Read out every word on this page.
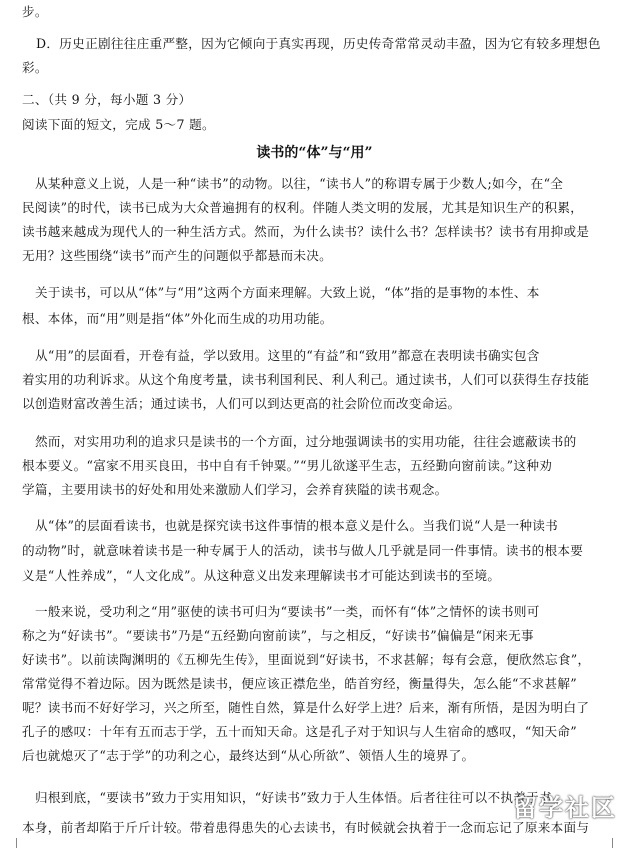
步。
D．历史正剧往往庄重严整，因为它倾向于真实再现，历史传奇常常灵动丰盈，因为它有较多理想色
彩。
二、（共 9 分，每小题 3 分）
阅读下面的短文，完成 5～7 题。
读书的“体”与“用”
从某种意义上说，人是一种“读书”的动物。以往，“读书人”的称谓专属于少数人;如今，在“全
民阅读”的时代，读书已成为大众普遍拥有的权利。伴随人类文明的发展，尤其是知识生产的积累，
读书越来越成为现代人的一种生活方式。然而，为什么读书？读什么书？怎样读书？读书有用抑或是
无用？这些围绕“读书”而产生的问题似乎都悬而未决。
关于读书，可以从“体”与“用”这两个方面来理解。大致上说，“体”指的是事物的本性、本
根、本体，而“用”则是指“体”外化而生成的功用功能。
从“用”的层面看，开卷有益，学以致用。这里的“有益”和“致用”都意在表明读书确实包含
着实用的功利诉求。从这个角度考量，读书利国利民、利人利己。通过读书，人们可以获得生存技能
以创造财富改善生活；通过读书，人们可以到达更高的社会阶位而改变命运。
然而，对实用功利的追求只是读书的一个方面，过分地强调读书的实用功能，往往会遮蔽读书的
根本要义。“富家不用买良田，书中自有千钟粟。”“男儿欲遂平生志，五经勤向窗前读。”这种劝
学篇，主要用读书的好处和用处来激励人们学习，会养育狭隘的读书观念。
从“体”的层面看读书，也就是探究读书这件事情的根本意义是什么。当我们说“人是一种读书
的动物”时，就意味着读书是一种专属于人的活动，读书与做人几乎就是同一件事情。读书的根本要
义是“人性养成”，“人文化成”。从这种意义出发来理解读书才可能达到读书的至境。
一般来说，受功利之“用”驱使的读书可归为“要读书”一类，而怀有“体”之情怀的读书则可
称之为“好读书”。“要读书”乃是“五经勤向窗前读”，与之相反，“好读书”偏偏是“闲来无事
好读书”。以前读陶渊明的《五柳先生传》，里面说到“好读书，不求甚解；每有会意，便欣然忘食”，
常常觉得不着边际。因为既然是读书，便应该正襟危坐，皓首穷经，衡量得失，怎么能“不求甚解”
呢？读书而不好好学习，兴之所至，随性自然，算是什么好学上进？后来，渐有所悟，是因为明白了
孔子的感叹：十年有五而志于学，五十而知天命。这是孔子对于知识与人生宿命的感叹，“知天命”
后也就熄灭了“志于学”的功利之心，最终达到“从心所欲”、领悟人生的境界了。
归根到底，“要读书”致力于实用知识，“好读书”致力于人生体悟。后者往往可以不执着于书
本身，前者却陷于斤斤计较。带着患得患失的心去读书，有时候就会执着于一念而忘记了原来本面与
留学社区
